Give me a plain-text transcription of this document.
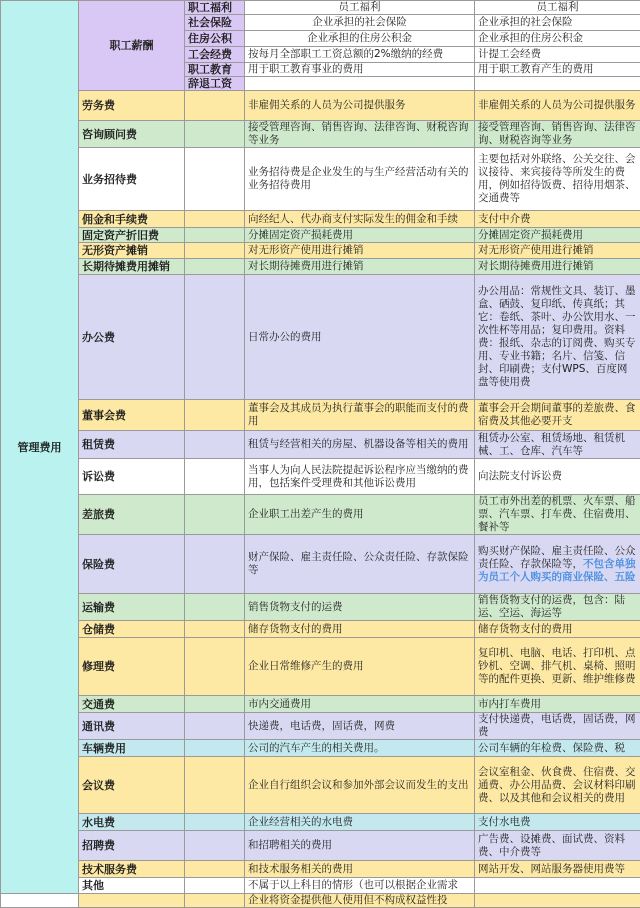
管理费用	职工薪酬	职工福利	员工福利	员工福利
		社会保险	企业承担的社会保险	企业承担的社会保险
		住房公积	企业承担的住房公积金	企业承担的住房公积金
		工会经费	按每月全部职工工资总额的2%缴纳的经费	计提工会经费
		职工教育	用于职工教育事业的费用	用于职工教育产生的费用
		辞退工资		
	劳务费		非雇佣关系的人员为公司提供服务	非雇佣关系的人员为公司提供服务
	咨询顾问费		接受管理咨询、销售咨询、法律咨询、财税咨询等业务	接受管理咨询、销售咨询、法律咨询、财税咨询等业务
	业务招待费		业务招待费是企业发生的与生产经营活动有关的业务招待费用	主要包括对外联络、公关交往、会议接待、来宾接待等所发生的费用，例如招待饭费、招待用烟茶、交通费等
	佣金和手续费		向经纪人、代办商支付实际发生的佣金和手续	支付中介费
	固定资产折旧费		分摊固定资产损耗费用	分摊固定资产损耗费用
	无形资产摊销		对无形资产使用进行摊销	对无形资产使用进行摊销
	长期待摊费用摊销		对长期待摊费用进行摊销	对长期待摊费用进行摊销
	办公费		日常办公的费用	办公用品：常规性文具、装订、墨盒、硒鼓、复印纸、传真纸；其它：卷纸、茶叶、办公饮用水、一次性杯等用品；复印费用。资料费：报纸、杂志的订阅费、购买专用、专业书籍；名片、信笺、信封、印刷费；支付WPS、百度网盘等使用费
	董事会费		董事会及其成员为执行董事会的职能而支付的费用	董事会开会期间董事的差旅费、食宿费及其他必要开支
	租赁费		租赁与经营相关的房屋、机器设备等相关的费用	租赁办公室、租赁场地、租赁机械、工、仓库、汽车等
	诉讼费		当事人为向人民法院提起诉讼程序应当缴纳的费用，包括案件受理费和其他诉讼费用	向法院支付诉讼费
	差旅费		企业职工出差产生的费用	员工市外出差的机票、火车票、船票、汽车票、打车费、住宿费用、餐补等
	保险费		财产保险、雇主责任险、公众责任险、存款保险等	购买财产保险、雇主责任险、公众责任险、存款保险等，不包含单独为员工个人购买的商业保险、五险
	运输费		销售货物支付的运费	销售货物支付的运费，包含：陆运、空运、海运等
	仓储费		储存货物支付的费用	储存货物支付的费用
	修理费		企业日常维修产生的费用	复印机、电脑、电话、打印机、点钞机、空调、排气机、桌椅、照明等的配件更换、更新、维护维修费
	交通费		市内交通费用	市内打车费用
	通讯费		快递费，电话费，固话费，网费	支付快递费，电话费，固话费，网费
	车辆费用		公司的汽车产生的相关费用。	公司车辆的年检费、保险费、税
	会议费		企业自行组织会议和参加外部会议而发生的支出	会议室租金、伙食费、住宿费、交通费、办公用品费、会议材料印刷费、以及其他和会议相关的费用
	水电费		企业经营相关的水电费	支付水电费
	招聘费		和招聘相关的费用	广告费、设摊费、面试费、资料费、中介费等
	技术服务费		和技术服务相关的费用	网站开发、网站服务器使用费等
	其他		不属于以上科目的情形（也可以根据企业需求	
			企业将资金提供他人使用但不构成权益性投	
